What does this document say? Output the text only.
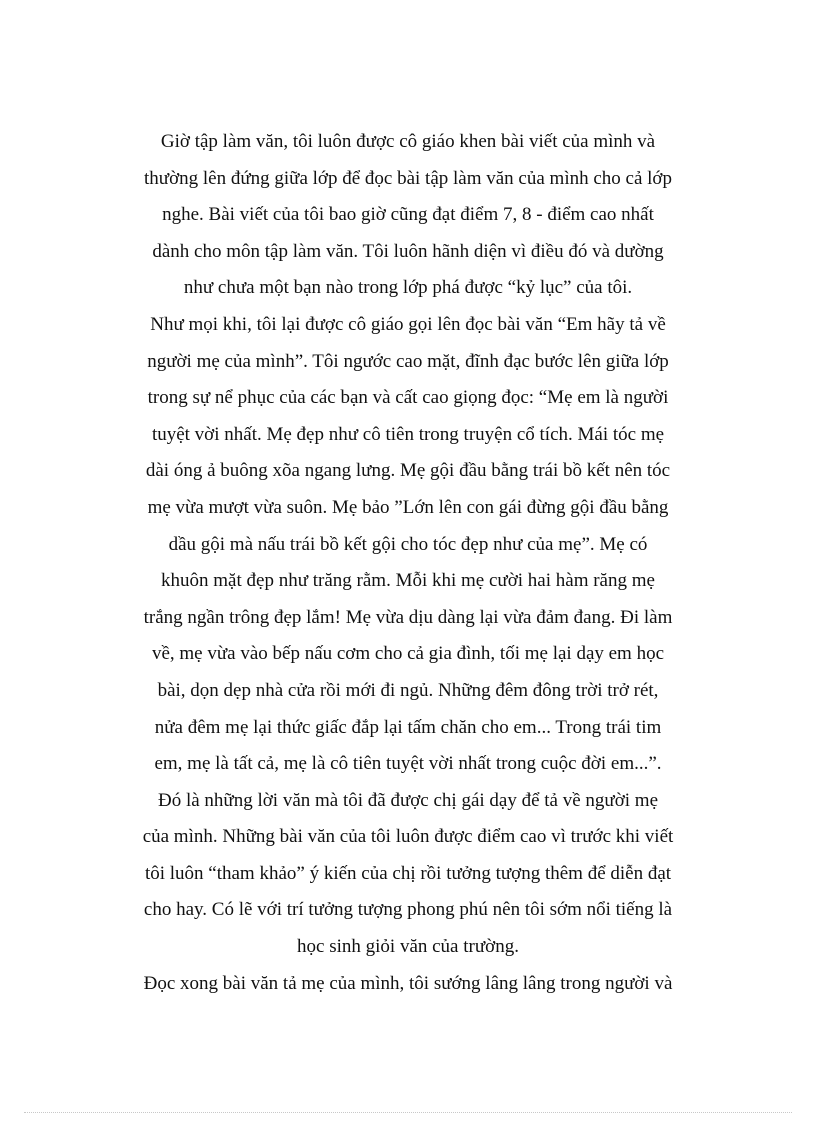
Giờ tập làm văn, tôi luôn được cô giáo khen bài viết của mình và
thường lên đứng giữa lớp để đọc bài tập làm văn của mình cho cả lớp
nghe. Bài viết của tôi bao giờ cũng đạt điểm 7, 8 - điểm cao nhất
dành cho môn tập làm văn. Tôi luôn hãnh diện vì điều đó và dường
như chưa một bạn nào trong lớp phá được “kỷ lục” của tôi.
Như mọi khi, tôi lại được cô giáo gọi lên đọc bài văn “Em hãy tả về
người mẹ của mình”. Tôi ngước cao mặt, đĩnh đạc bước lên giữa lớp
trong sự nể phục của các bạn và cất cao giọng đọc: “Mẹ em là người
tuyệt vời nhất. Mẹ đẹp như cô tiên trong truyện cổ tích. Mái tóc mẹ
dài óng ả buông xõa ngang lưng. Mẹ gội đầu bằng trái bồ kết nên tóc
mẹ vừa mượt vừa suôn. Mẹ bảo ”Lớn lên con gái đừng gội đầu bằng
dầu gội mà nấu trái bồ kết gội cho tóc đẹp như của mẹ”. Mẹ có
khuôn mặt đẹp như trăng rằm. Mỗi khi mẹ cười hai hàm răng mẹ
trắng ngần trông đẹp lắm! Mẹ vừa dịu dàng lại vừa đảm đang. Đi làm
về, mẹ vừa vào bếp nấu cơm cho cả gia đình, tối mẹ lại dạy em học
bài, dọn dẹp nhà cửa rồi mới đi ngủ. Những đêm đông trời trở rét,
nửa đêm mẹ lại thức giấc đắp lại tấm chăn cho em... Trong trái tim
em, mẹ là tất cả, mẹ là cô tiên tuyệt vời nhất trong cuộc đời em...”.
Đó là những lời văn mà tôi đã được chị gái dạy để tả về người mẹ
của mình. Những bài văn của tôi luôn được điểm cao vì trước khi viết
tôi luôn “tham khảo” ý kiến của chị rồi tưởng tượng thêm để diễn đạt
cho hay. Có lẽ với trí tưởng tượng phong phú nên tôi sớm nổi tiếng là
học sinh giỏi văn của trường.
Đọc xong bài văn tả mẹ của mình, tôi sướng lâng lâng trong người và
